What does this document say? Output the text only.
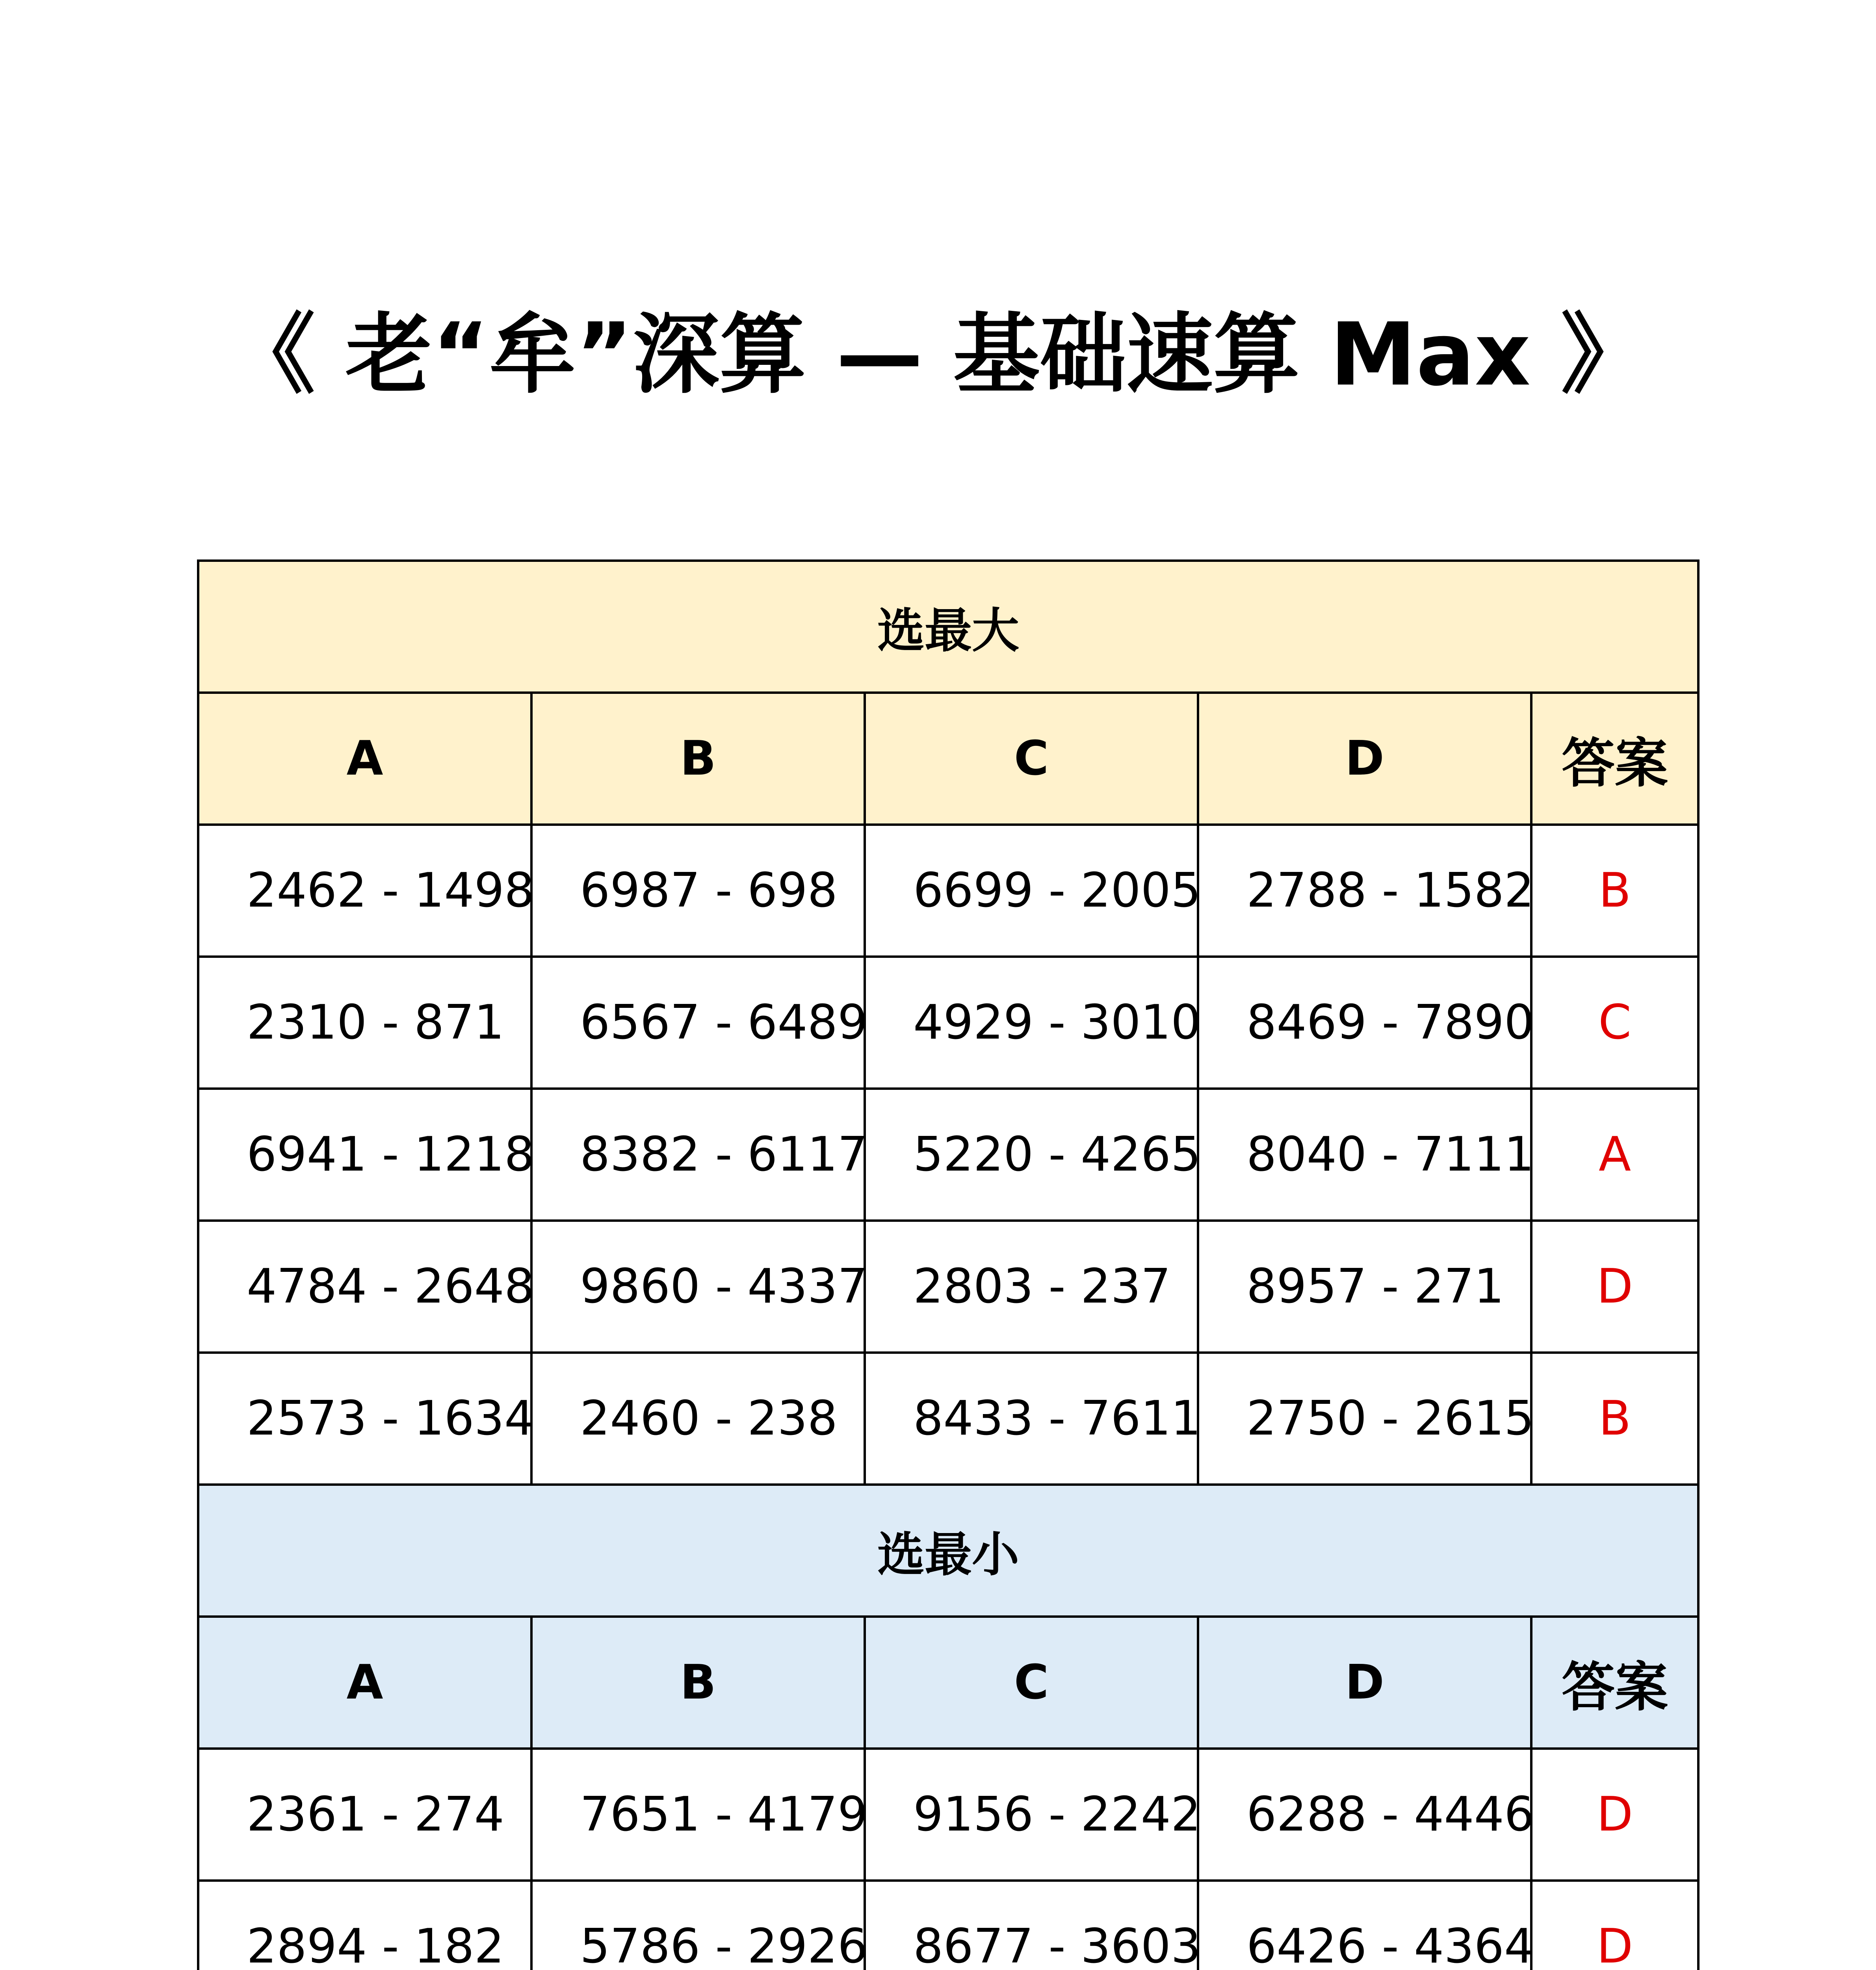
《 老“牟”深算 — 基础速算 Max 》
选最大				
A	B	C	D	答案
2462 - 1498	6987 - 698	6699 - 2005	2788 - 1582	B
2310 - 871	6567 - 6489	4929 - 3010	8469 - 7890	C
6941 - 1218	8382 - 6117	5220 - 4265	8040 - 7111	A
4784 - 2648	9860 - 4337	2803 - 237	8957 - 271	D
2573 - 1634	2460 - 238	8433 - 7611	2750 - 2615	B
选最小				
A	B	C	D	答案
2361 - 274	7651 - 4179	9156 - 2242	6288 - 4446	D
2894 - 182	5786 - 2926	8677 - 3603	6426 - 4364	D
